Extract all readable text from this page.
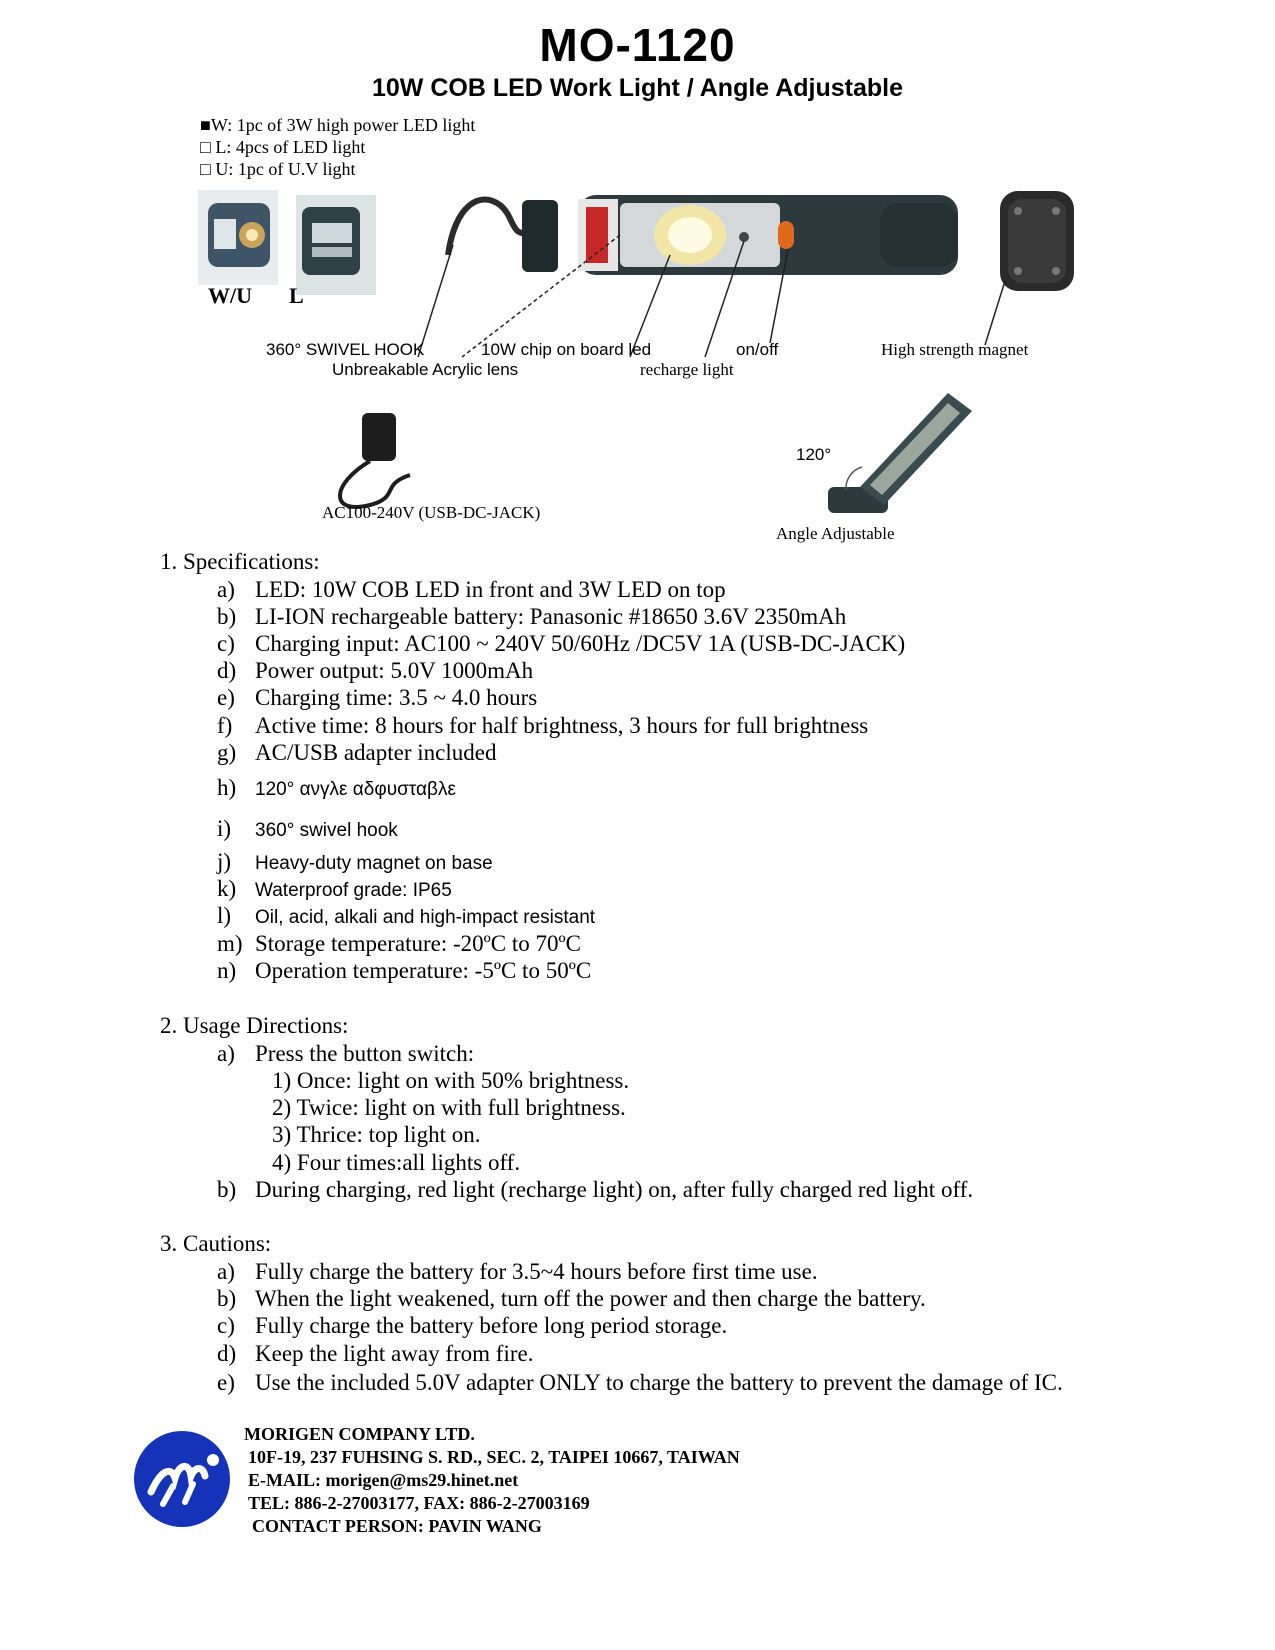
MO-1120
10W COB LED Work Light / Angle Adjustable
■W: 1pc of 3W high power LED light
□ L: 4pcs of LED light
□ U: 1pc of U.V light
W/U L
360° SWIVEL HOOK
Unbreakable Acrylic lens
10W chip on board led	on/off
recharge light
High strength magnet
AC100-240V (USB-DC-JACK)
120°
Angle Adjustable
1. Specifications:
a) LED: 10W COB LED in front and 3W LED on top
b) LI-ION rechargeable battery: Panasonic #18650 3.6V 2350mAh
c) Charging input: AC100 ~ 240V 50/60Hz /DC5V 1A (USB-DC-JACK)
d) Power output: 5.0V 1000mAh
e) Charging time: 3.5 ~ 4.0 hours
f) Active time: 8 hours for half brightness, 3 hours for full brightness
g) AC/USB adapter included
h) 120° ανγλε αδφυσταβλε
i) 360° swivel hook
j) Heavy-duty magnet on base
k) Waterproof grade: IP65
l) Oil, acid, alkali and high-impact resistant
m) Storage temperature: -20ºC to 70ºC
n) Operation temperature: -5ºC to 50ºC
2. Usage Directions:
a) Press the button switch:
1) Once: light on with 50% brightness.
2) Twice: light on with full brightness.
3) Thrice: top light on.
4) Four times:all lights off.
b) During charging, red light (recharge light) on, after fully charged red light off.
3. Cautions:
a) Fully charge the battery for 3.5~4 hours before first time use.
b) When the light weakened, turn off the power and then charge the battery.
c) Fully charge the battery before long period storage.
d) Keep the light away from fire.
e) Use the included 5.0V adapter ONLY to charge the battery to prevent the damage of IC.
MORIGEN COMPANY LTD.
10F-19, 237 FUHSING S. RD., SEC. 2, TAIPEI 10667, TAIWAN
E-MAIL: morigen@ms29.hinet.net
TEL: 886-2-27003177, FAX: 886-2-27003169
CONTACT PERSON: PAVIN WANG
